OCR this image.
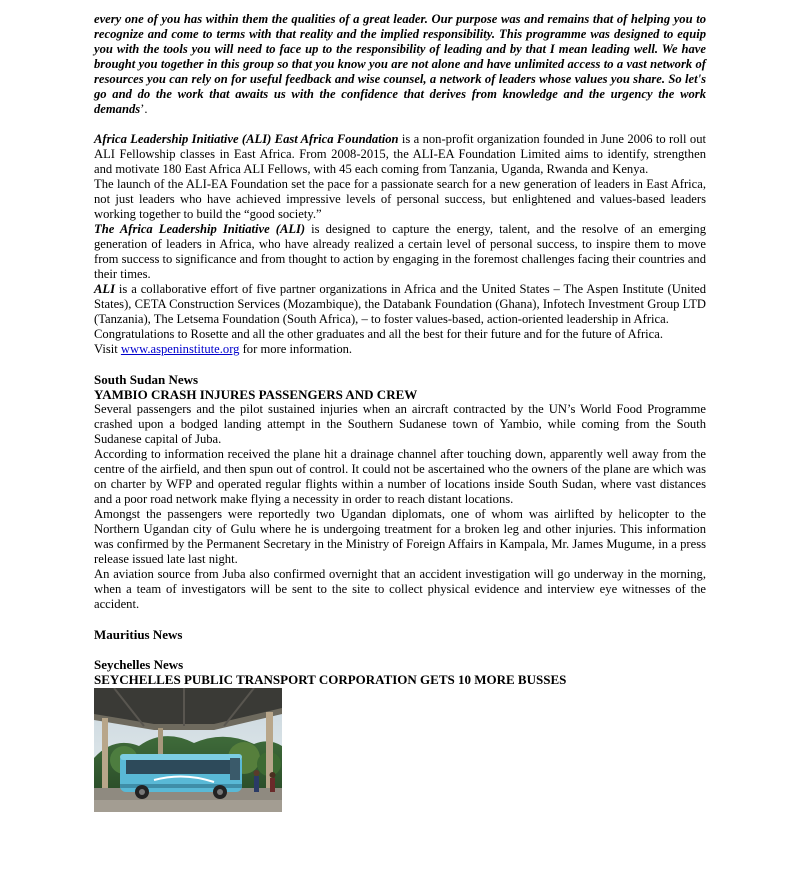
every one of you has within them the qualities of a great leader. Our purpose was and remains that of helping you to recognize and come to terms with that reality and the implied responsibility. This programme was designed to equip you with the tools you will need to face up to the responsibility of leading and by that I mean leading well. We have brought you together in this group so that you know you are not alone and have unlimited access to a vast network of resources you can rely on for useful feedback and wise counsel, a network of leaders whose values you share. So let's go and do the work that awaits us with the confidence that derives from knowledge and the urgency the work demands’.

Africa Leadership Initiative (ALI) East Africa Foundation is a non-profit organization founded in June 2006 to roll out ALI Fellowship classes in East Africa. From 2008-2015, the ALI-EA Foundation Limited aims to identify, strengthen and motivate 180 East Africa ALI Fellows, with 45 each coming from Tanzania, Uganda, Rwanda and Kenya.

The launch of the ALI-EA Foundation set the pace for a passionate search for a new generation of leaders in East Africa, not just leaders who have achieved impressive levels of personal success, but enlightened and values-based leaders working together to build the “good society.”

The Africa Leadership Initiative (ALI) is designed to capture the energy, talent, and the resolve of an emerging generation of leaders in Africa, who have already realized a certain level of personal success, to inspire them to move from success to significance and from thought to action by engaging in the foremost challenges facing their countries and their times.

ALI is a collaborative effort of five partner organizations in Africa and the United States – The Aspen Institute (United States), CETA Construction Services (Mozambique), the Databank Foundation (Ghana), Infotech Investment Group LTD (Tanzania), The Letsema Foundation (South Africa), – to foster values-based, action-oriented leadership in Africa.

Congratulations to Rosette and all the other graduates and all the best for their future and for the future of Africa.
Visit www.aspeninstitute.org for more information.

South Sudan News

YAMBIO CRASH INJURES PASSENGERS AND CREW

Several passengers and the pilot sustained injuries when an aircraft contracted by the UN’s World Food Programme crashed upon a bodged landing attempt in the Southern Sudanese town of Yambio, while coming from the South Sudanese capital of Juba.

According to information received the plane hit a drainage channel after touching down, apparently well away from the centre of the airfield, and then spun out of control. It could not be ascertained who the owners of the plane are which was on charter by WFP and operated regular flights within a number of locations inside South Sudan, where vast distances and a poor road network make flying a necessity in order to reach distant locations.

Amongst the passengers were reportedly two Ugandan diplomats, one of whom was airlifted by helicopter to the Northern Ugandan city of Gulu where he is undergoing treatment for a broken leg and other injuries. This information was confirmed by the Permanent Secretary in the Ministry of Foreign Affairs in Kampala, Mr. James Mugume, in a press release issued late last night.

An aviation source from Juba also confirmed overnight that an accident investigation will go underway in the morning, when a team of investigators will be sent to the site to collect physical evidence and interview eye witnesses of the accident.

Mauritius News

Seychelles News

SEYCHELLES PUBLIC TRANSPORT CORPORATION GETS 10 MORE BUSSES
